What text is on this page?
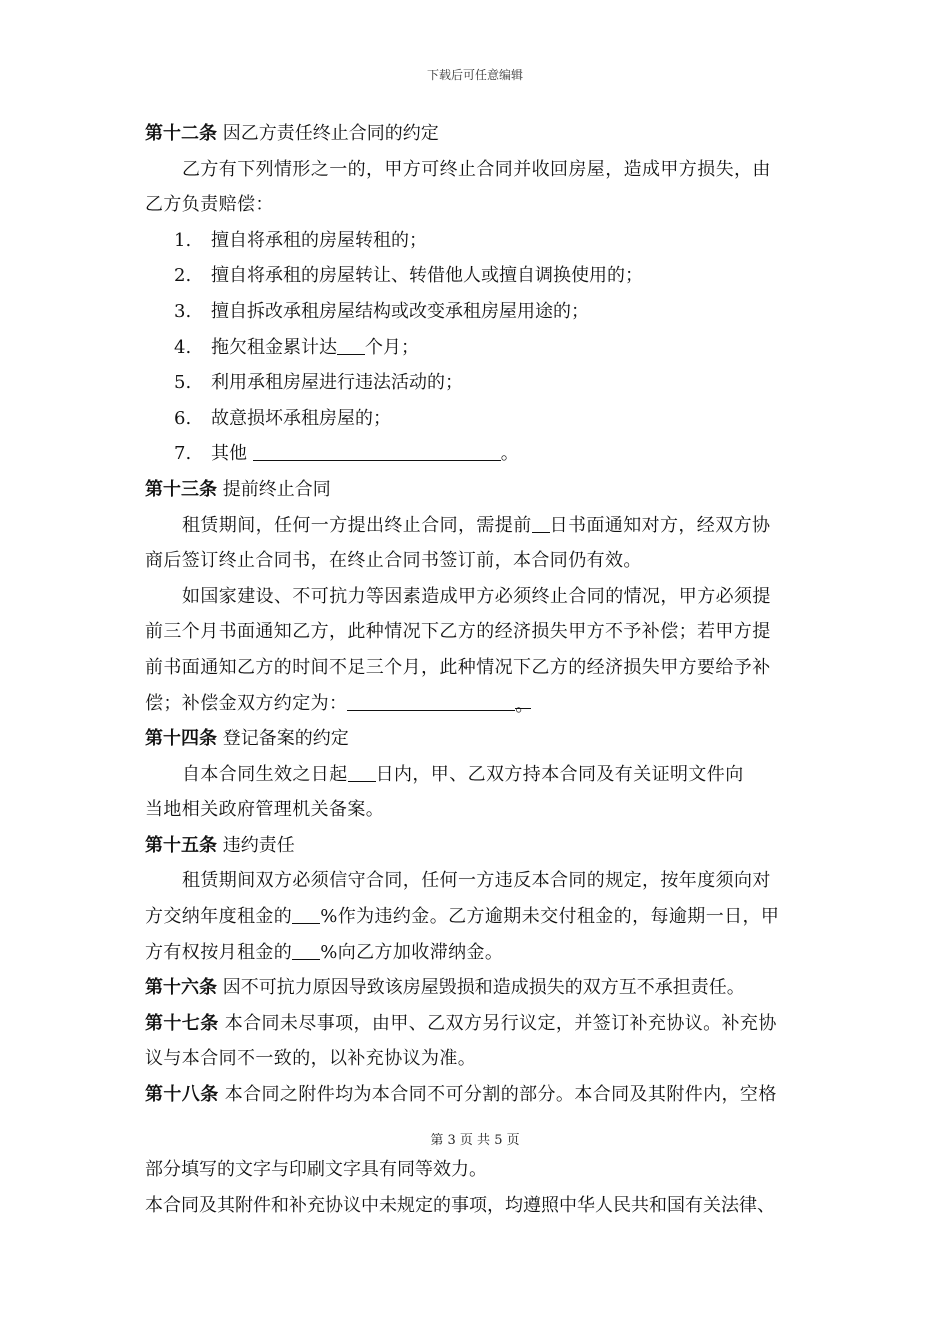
下载后可任意编辑
第十二条 因乙方责任终止合同的约定
乙方有下列情形之一的，甲方可终止合同并收回房屋，造成甲方损失，由
乙方负责赔偿：
1. 擅自将承租的房屋转租的；
2. 擅自将承租的房屋转让、转借他人或擅自调换使用的；
3. 擅自拆改承租房屋结构或改变承租房屋用途的；
4. 拖欠租金累计达 个月；
5. 利用承租房屋进行违法活动的；
6. 故意损坏承租房屋的；
7. 其他	。
第十三条 提前终止合同
租赁期间，任何一方提出终止合同，需提前 日书面通知对方，经双方协
商后签订终止合同书，在终止合同书签订前，本合同仍有效。
如国家建设、不可抗力等因素造成甲方必须终止合同的情况，甲方必须提
前三个月书面通知乙方，此种情况下乙方的经济损失甲方不予补偿；若甲方提
前书面通知乙方的时间不足三个月，此种情况下乙方的经济损失甲方要给予补
偿；补偿金双方约定为：	。
第十四条 登记备案的约定
自本合同生效之日起 日内，甲、乙双方持本合同及有关证明文件向
当地相关政府管理机关备案。
第十五条 违约责任
租赁期间双方必须信守合同，任何一方违反本合同的规定，按年度须向对
方交纳年度租金的 %作为违约金。乙方逾期未交付租金的，每逾期一日，甲
方有权按月租金的 %向乙方加收滞纳金。
第十六条 因不可抗力原因导致该房屋毁损和造成损失的双方互不承担责任。
第十七条 本合同未尽事项，由甲、乙双方另行议定，并签订补充协议。补充协
议与本合同不一致的，以补充协议为准。
第十八条 本合同之附件均为本合同不可分割的部分。本合同及其附件内，空格
第 3 页 共 5 页
部分填写的文字与印刷文字具有同等效力。
本合同及其附件和补充协议中未规定的事项，均遵照中华人民共和国有关法律、
